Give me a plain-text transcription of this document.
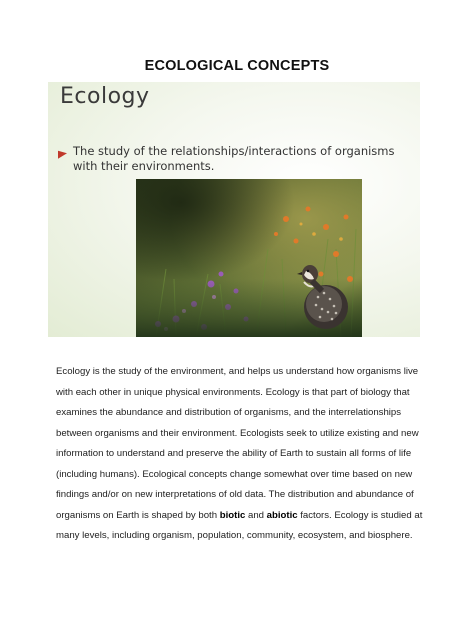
ECOLOGICAL CONCEPTS
Ecology
The study of the relationships/interactions of organisms with their environments.

Ecology is the study of the environment, and helps us understand how organisms live with each other in unique physical environments. Ecology is that part of biology that examines the abundance and distribution of organisms, and the interrelationships between organisms and their environment. Ecologists seek to utilize existing and new information to understand and preserve the ability of Earth to sustain all forms of life (including humans). Ecological concepts change somewhat over time based on new findings and/or on new interpretations of old data. The distribution and abundance of organisms on Earth is shaped by both biotic and abiotic factors. Ecology is studied at many levels, including organism, population, community, ecosystem, and biosphere.
